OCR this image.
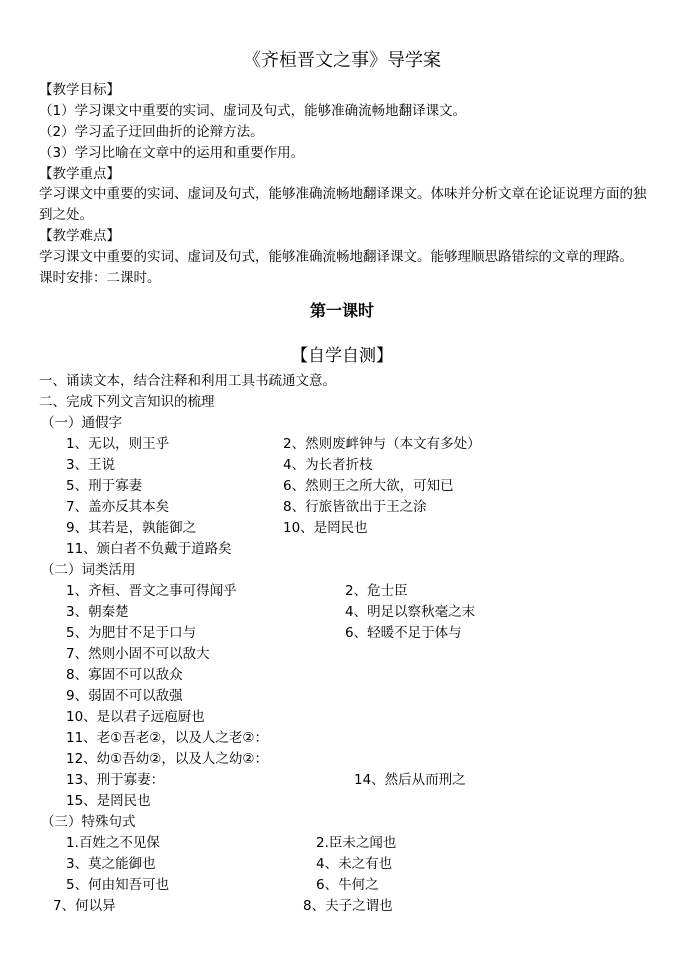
《齐桓晋文之事》导学案
【教学目标】
（1）学习课文中重要的实词、虚词及句式，能够准确流畅地翻译课文。
（2）学习孟子迂回曲折的论辩方法。
（3）学习比喻在文章中的运用和重要作用。
【教学重点】
学习课文中重要的实词、虚词及句式，能够准确流畅地翻译课文。体味并分析文章在论证说理方面的独到之处。
【教学难点】
学习课文中重要的实词、虚词及句式，能够准确流畅地翻译课文。能够理顺思路错综的文章的理路。
课时安排：二课时。
第一课时
【自学自测】
一、诵读文本，结合注释和利用工具书疏通文意。
二、完成下列文言知识的梳理
（一）通假字
1、无以，则王乎	2、然则废衅钟与（本文有多处）
3、王说	4、为长者折枝
5、刑于寡妻	6、然则王之所大欲，可知已
7、盖亦反其本矣	8、行旅皆欲出于王之涂
9、其若是，孰能御之	10、是罔民也
11、颁白者不负戴于道路矣
（二）词类活用
1、齐桓、晋文之事可得闻乎	2、危士臣
3、朝秦楚	4、明足以察秋毫之末
5、为肥甘不足于口与	6、轻暖不足于体与
7、然则小固不可以敌大
8、寡固不可以敌众
9、弱固不可以敌强
10、是以君子远庖厨也
11、老①吾老②，以及人之老②：
12、幼①吾幼②，以及人之幼②：
13、刑于寡妻：	14、然后从而刑之
15、是罔民也
（三）特殊句式
1.百姓之不见保	2.臣未之闻也
3、莫之能御也	4、未之有也
5、何由知吾可也	6、牛何之
7、何以异	8、夫子之谓也
